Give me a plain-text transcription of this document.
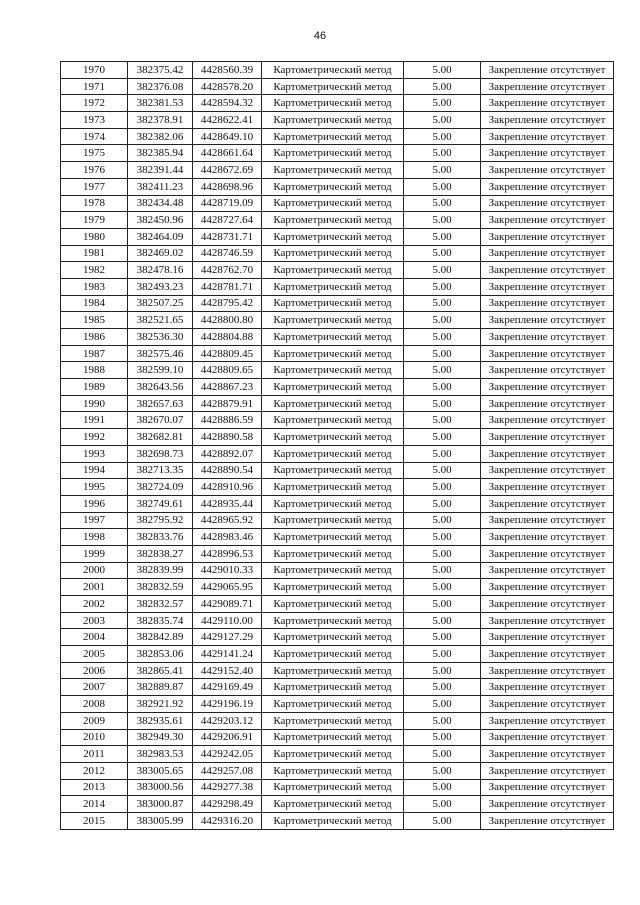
46
1970	382375.42	4428560.39	Картометрический метод	5.00	Закрепление отсутствует
1971	382376.08	4428578.20	Картометрический метод	5.00	Закрепление отсутствует
1972	382381.53	4428594.32	Картометрический метод	5.00	Закрепление отсутствует
1973	382378.91	4428622.41	Картометрический метод	5.00	Закрепление отсутствует
1974	382382.06	4428649.10	Картометрический метод	5.00	Закрепление отсутствует
1975	382385.94	4428661.64	Картометрический метод	5.00	Закрепление отсутствует
1976	382391.44	4428672.69	Картометрический метод	5.00	Закрепление отсутствует
1977	382411.23	4428698.96	Картометрический метод	5.00	Закрепление отсутствует
1978	382434.48	4428719.09	Картометрический метод	5.00	Закрепление отсутствует
1979	382450.96	4428727.64	Картометрический метод	5.00	Закрепление отсутствует
1980	382464.09	4428731.71	Картометрический метод	5.00	Закрепление отсутствует
1981	382469.02	4428746.59	Картометрический метод	5.00	Закрепление отсутствует
1982	382478.16	4428762.70	Картометрический метод	5.00	Закрепление отсутствует
1983	382493.23	4428781.71	Картометрический метод	5.00	Закрепление отсутствует
1984	382507.25	4428795.42	Картометрический метод	5.00	Закрепление отсутствует
1985	382521.65	4428800.80	Картометрический метод	5.00	Закрепление отсутствует
1986	382536.30	4428804.88	Картометрический метод	5.00	Закрепление отсутствует
1987	382575.46	4428809.45	Картометрический метод	5.00	Закрепление отсутствует
1988	382599.10	4428809.65	Картометрический метод	5.00	Закрепление отсутствует
1989	382643.56	4428867.23	Картометрический метод	5.00	Закрепление отсутствует
1990	382657.63	4428879.91	Картометрический метод	5.00	Закрепление отсутствует
1991	382670.07	4428886.59	Картометрический метод	5.00	Закрепление отсутствует
1992	382682.81	4428890.58	Картометрический метод	5.00	Закрепление отсутствует
1993	382698.73	4428892.07	Картометрический метод	5.00	Закрепление отсутствует
1994	382713.35	4428890.54	Картометрический метод	5.00	Закрепление отсутствует
1995	382724.09	4428910.96	Картометрический метод	5.00	Закрепление отсутствует
1996	382749.61	4428935.44	Картометрический метод	5.00	Закрепление отсутствует
1997	382795.92	4428965.92	Картометрический метод	5.00	Закрепление отсутствует
1998	382833.76	4428983.46	Картометрический метод	5.00	Закрепление отсутствует
1999	382838.27	4428996.53	Картометрический метод	5.00	Закрепление отсутствует
2000	382839.99	4429010.33	Картометрический метод	5.00	Закрепление отсутствует
2001	382832.59	4429065.95	Картометрический метод	5.00	Закрепление отсутствует
2002	382832.57	4429089.71	Картометрический метод	5.00	Закрепление отсутствует
2003	382835.74	4429110.00	Картометрический метод	5.00	Закрепление отсутствует
2004	382842.89	4429127.29	Картометрический метод	5.00	Закрепление отсутствует
2005	382853.06	4429141.24	Картометрический метод	5.00	Закрепление отсутствует
2006	382865.41	4429152.40	Картометрический метод	5.00	Закрепление отсутствует
2007	382889.87	4429169.49	Картометрический метод	5.00	Закрепление отсутствует
2008	382921.92	4429196.19	Картометрический метод	5.00	Закрепление отсутствует
2009	382935.61	4429203.12	Картометрический метод	5.00	Закрепление отсутствует
2010	382949.30	4429206.91	Картометрический метод	5.00	Закрепление отсутствует
2011	382983.53	4429242.05	Картометрический метод	5.00	Закрепление отсутствует
2012	383005.65	4429257.08	Картометрический метод	5.00	Закрепление отсутствует
2013	383000.56	4429277.38	Картометрический метод	5.00	Закрепление отсутствует
2014	383000.87	4429298.49	Картометрический метод	5.00	Закрепление отсутствует
2015	383005.99	4429316.20	Картометрический метод	5.00	Закрепление отсутствует
